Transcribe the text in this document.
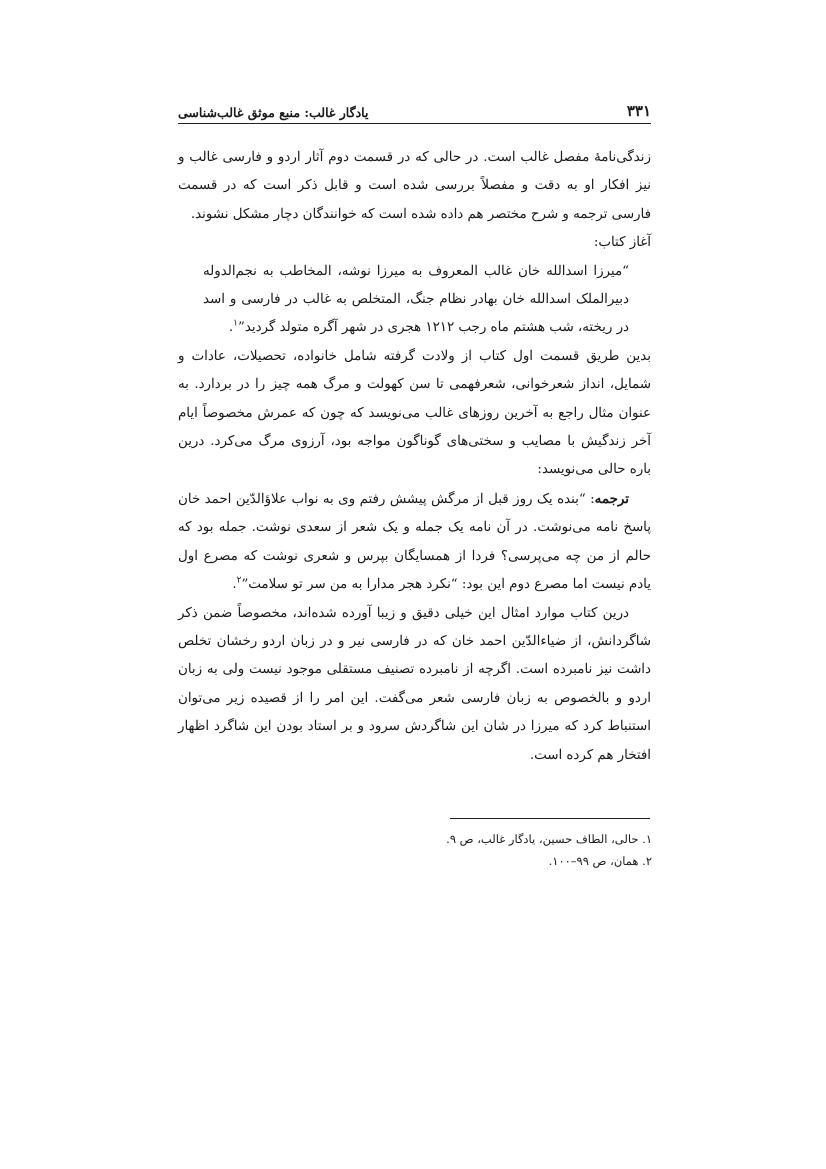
۳۳۱
یادگار غالب: منبع موثق غالب‌شناسی

زندگی‌نامهٔ مفصل غالب است. در حالی که در قسمت دوم آثار اردو و فارسی غالب و نیز افکار او به دقت و مفصلاً بررسی شده است و قابل ذکر است که در قسمت فارسی ترجمه و شرح مختصر هم داده شده است که خوانندگان دچار مشکل نشوند.

آغاز کتاب:

“میرزا اسدالله خان غالب المعروف به میرزا نوشه، المخاطب به نجم‌الدوله دبیرالملک اسدالله خان بهادر نظام جنگ، المتخلص به غالب در فارسی و اسد در ریخته، شب هشتم ماه رجب ۱۲۱۲ هجری در شهر آگره متولد گردید”$^۱$.

بدین طریق قسمت اول کتاب از ولادت گرفته شامل خانواده، تحصیلات، عادات و شمایل، انداز شعرخوانی، شعرفهمی تا سن کهولت و مرگ همه چیز را در بردارد. به عنوان مثال راجع به آخرین روزهای غالب می‌نویسد که چون که عمرش مخصوصاً ایام آخر زندگیش با مصایب و سختی‌های گوناگون مواجه بود، آرزوی مرگ می‌کرد. درین باره حالی می‌نویسد:

ترجمه: “بنده یک روز قبل از مرگش پیشش رفتم وی به نواب علاؤالدّین احمد خان پاسخ نامه می‌نوشت. در آن نامه یک جمله و یک شعر از سعدی نوشت. جمله بود که حالم از من چه می‌پرسی؟ فردا از همسایگان بپرس و شعری نوشت که مصرع اول یادم نیست اما مصرع دوم این بود: “نکرد هجر مدارا به من سر تو سلامت”$^۲$.

درین کتاب موارد امثال این خیلی دقیق و زیبا آورده شده‌اند، مخصوصاً ضمن ذکر شاگردانش، از ضیاءالدّین احمد خان که در فارسی نیر و در زبان اردو رخشان تخلص داشت نیز نامبرده است. اگرچه از نامبرده تصنیف مستقلی موجود نیست ولی به زبان اردو و بالخصوص به زبان فارسی شعر می‌گفت. این امر را از قصیده زیر می‌توان استنباط کرد که میرزا در شان این شاگردش سرود و بر استاد بودن این شاگرد اظهار افتخار هم کرده است.

۱. حالی، الطاف حسین، یادگار غالب، ص ۹.

۲. همان، ص ۹۹–۱۰۰.
